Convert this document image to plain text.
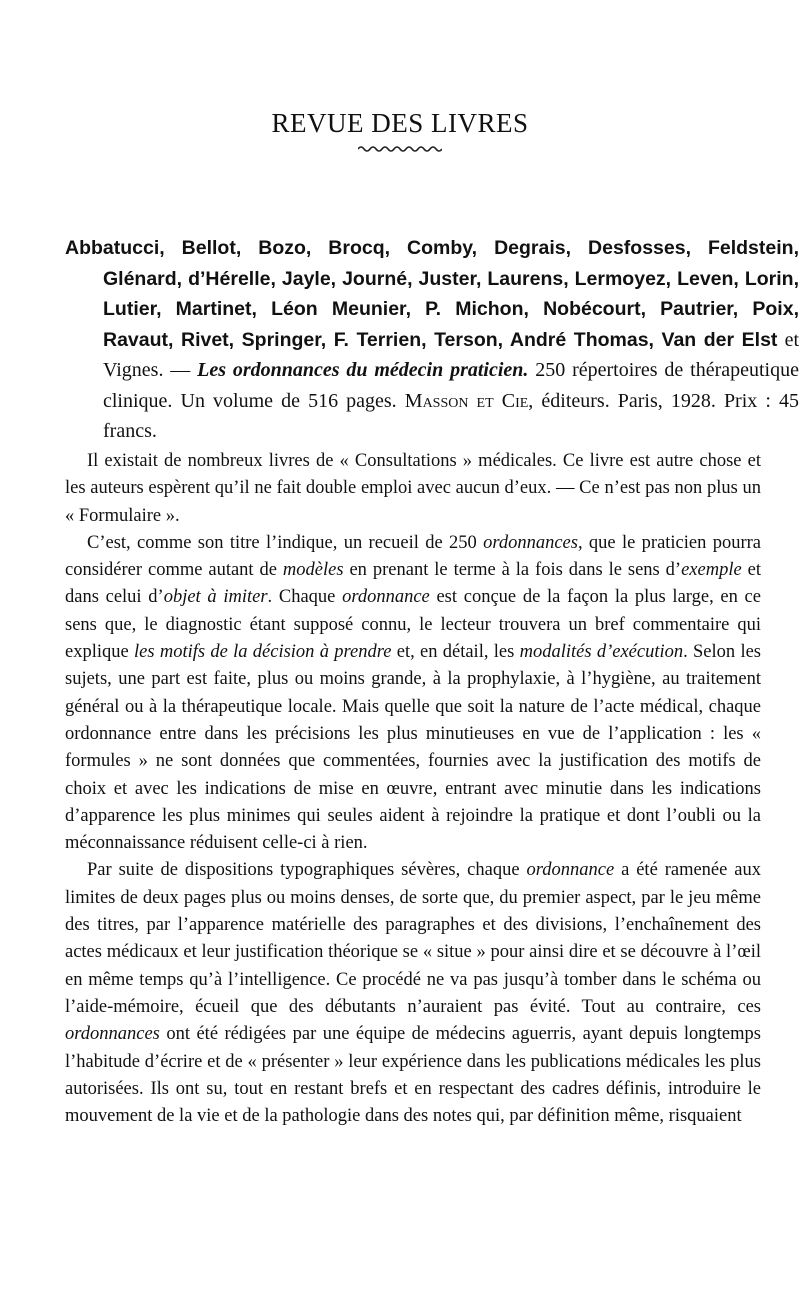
REVUE DES LIVRES
Abbatucci, Bellot, Bozo, Brocq, Comby, Degrais, Desfosses, Feldstein, Glénard, d’Hérelle, Jayle, Journé, Juster, Laurens, Lermoyez, Leven, Lorin, Lutier, Martinet, Léon Meunier, P. Michon, Nobécourt, Pautrier, Poix, Ravaut, Rivet, Springer, F. Terrien, Terson, André Thomas, Van der Elst et Vignes. — Les ordonnances du médecin praticien. 250 répertoires de thérapeutique clinique. Un volume de 516 pages. Masson et Cie, éditeurs. Paris, 1928. Prix : 45 francs.

Il existait de nombreux livres de « Consultations » médicales. Ce livre est autre chose et les auteurs espèrent qu’il ne fait double emploi avec aucun d’eux. — Ce n’est pas non plus un « Formulaire ».

C’est, comme son titre l’indique, un recueil de 250 ordonnances, que le praticien pourra considérer comme autant de modèles en prenant le terme à la fois dans le sens d’exemple et dans celui d’objet à imiter. Chaque ordonnance est conçue de la façon la plus large, en ce sens que, le diagnostic étant supposé connu, le lecteur trouvera un bref commentaire qui explique les motifs de la décision à prendre et, en détail, les modalités d’exécution. Selon les sujets, une part est faite, plus ou moins grande, à la prophylaxie, à l’hygiène, au traitement général ou à la thérapeutique locale. Mais quelle que soit la nature de l’acte médical, chaque ordonnance entre dans les précisions les plus minutieuses en vue de l’application : les « formules » ne sont données que commentées, fournies avec la justification des motifs de choix et avec les indications de mise en œuvre, entrant avec minutie dans les indications d’apparence les plus minimes qui seules aident à rejoindre la pratique et dont l’oubli ou la méconnaissance réduisent celle-ci à rien.

Par suite de dispositions typographiques sévères, chaque ordonnance a été ramenée aux limites de deux pages plus ou moins denses, de sorte que, du premier aspect, par le jeu même des titres, par l’apparence matérielle des paragraphes et des divisions, l’enchaînement des actes médicaux et leur justification théorique se « situe » pour ainsi dire et se découvre à l’œil en même temps qu’à l’intelligence. Ce procédé ne va pas jusqu’à tomber dans le schéma ou l’aide-mémoire, écueil que des débutants n’auraient pas évité. Tout au contraire, ces ordonnances ont été rédigées par une équipe de médecins aguerris, ayant depuis longtemps l’habitude d’écrire et de « présenter » leur expérience dans les publications médicales les plus autorisées. Ils ont su, tout en restant brefs et en respectant des cadres définis, introduire le mouvement de la vie et de la pathologie dans des notes qui, par définition même, risquaient
